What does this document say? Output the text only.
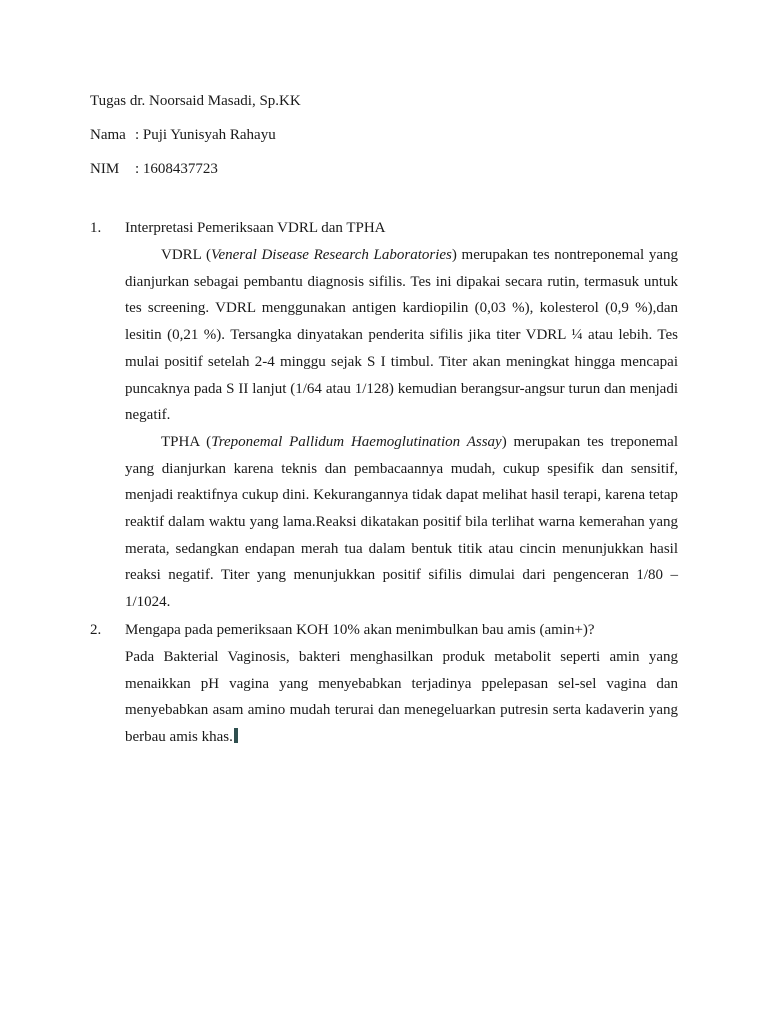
Tugas dr. Noorsaid Masadi, Sp.KK
Nama : Puji Yunisyah Rahayu
NIM : 1608437723
1. Interpretasi Pemeriksaan VDRL dan TPHA

VDRL (Veneral Disease Research Laboratories) merupakan tes nontreponemal yang dianjurkan sebagai pembantu diagnosis sifilis. Tes ini dipakai secara rutin, termasuk untuk tes screening. VDRL menggunakan antigen kardiopilin (0,03 %), kolesterol (0,9 %),dan lesitin (0,21 %). Tersangka dinyatakan penderita sifilis jika titer VDRL ¼ atau lebih. Tes mulai positif setelah 2-4 minggu sejak S I timbul. Titer akan meningkat hingga mencapai puncaknya pada S II lanjut (1/64 atau 1/128) kemudian berangsur-angsur turun dan menjadi negatif.

TPHA (Treponemal Pallidum Haemoglutination Assay) merupakan tes treponemal yang dianjurkan karena teknis dan pembacaannya mudah, cukup spesifik dan sensitif, menjadi reaktifnya cukup dini. Kekurangannya tidak dapat melihat hasil terapi, karena tetap reaktif dalam waktu yang lama.Reaksi dikatakan positif bila terlihat warna kemerahan yang merata, sedangkan endapan merah tua dalam bentuk titik atau cincin menunjukkan hasil reaksi negatif. Titer yang menunjukkan positif sifilis dimulai dari pengenceran 1/80 – 1/1024.

2. Mengapa pada pemeriksaan KOH 10% akan menimbulkan bau amis (amin+)?

Pada Bakterial Vaginosis, bakteri menghasilkan produk metabolit seperti amin yang menaikkan pH vagina yang menyebabkan terjadinya ppelepasan sel-sel vagina dan menyebabkan asam amino mudah terurai dan menegeluarkan putresin serta kadaverin yang berbau amis khas.
